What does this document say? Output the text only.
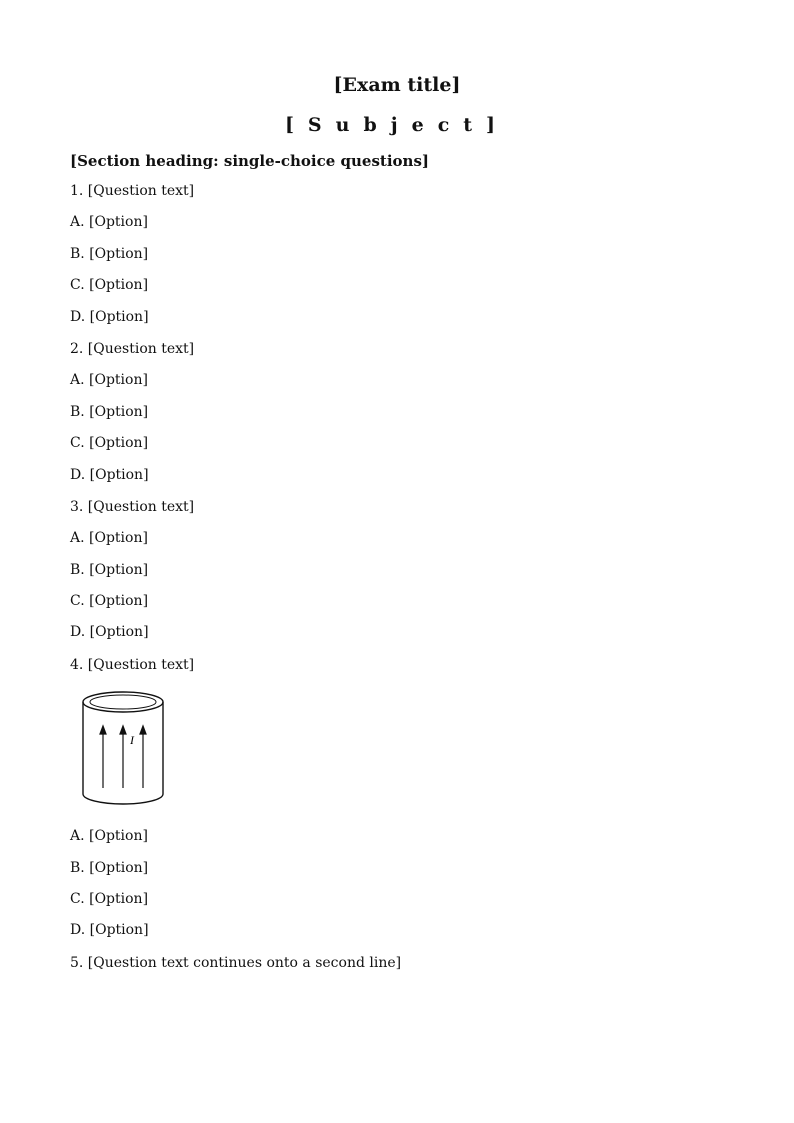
[Exam title]
[Subject]
[Section heading: single-choice questions]
1. [Question text]
A. [Option]
B. [Option]
C. [Option]
D. [Option]
2. [Question text]
A. [Option]
B. [Option]
C. [Option]
D. [Option]
3. [Question text]
A. [Option]
B. [Option]
C. [Option]
D. [Option]
4. [Question text]
I
A. [Option]
B. [Option]
C. [Option]
D. [Option]
5. [Question text continues onto a second line]
